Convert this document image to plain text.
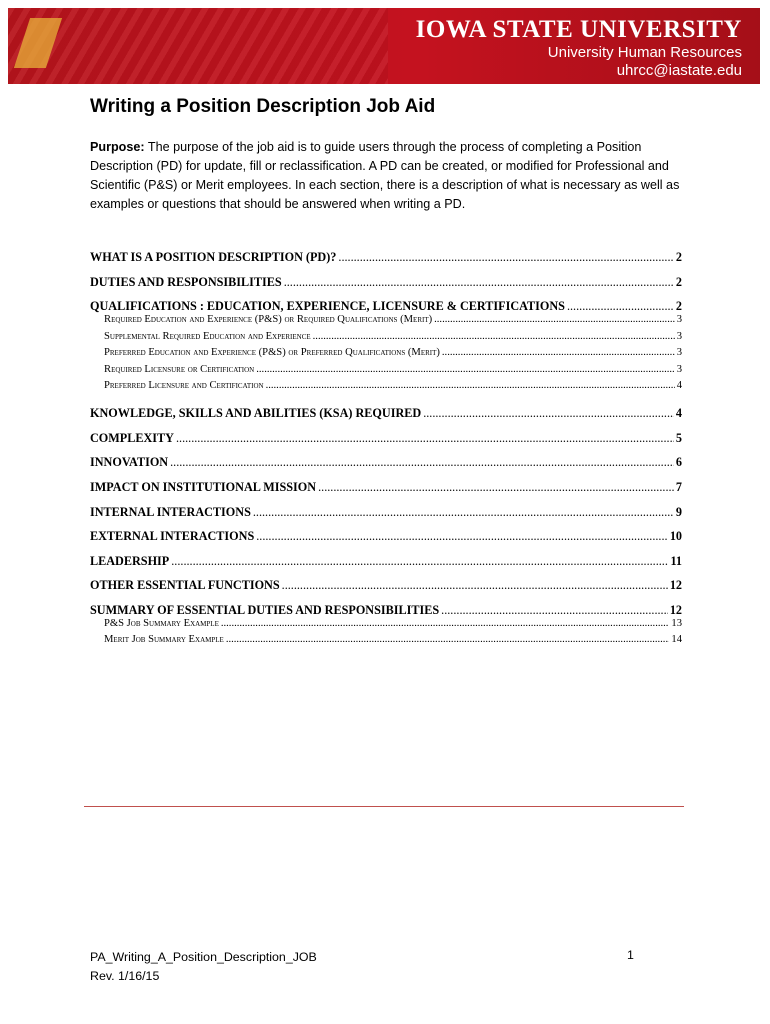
IOWA STATE UNIVERSITY
University Human Resources
uhrcc@iastate.edu
Writing a Position Description Job Aid
Purpose: The purpose of the job aid is to guide users through the process of completing a Position Description (PD) for update, fill or reclassification. A PD can be created, or modified for Professional and Scientific (P&S) or Merit employees. In each section, there is a description of what is necessary as well as examples or questions that should be answered when writing a PD.
WHAT IS A POSITION DESCRIPTION (PD)? .....	2
DUTIES AND RESPONSIBILITIES .....	2
QUALIFICATIONS : EDUCATION, EXPERIENCE, LICENSURE & CERTIFICATIONS .....	2
Required Education and Experience (P&S) or Required Qualifications (Merit) .....	3
Supplemental Required Education and Experience .....	3
Preferred Education and Experience (P&S) or Preferred Qualifications (Merit) .....	3
Required Licensure or Certification .....	3
Preferred Licensure and Certification .....	4
KNOWLEDGE, SKILLS AND ABILITIES (KSA) REQUIRED .....	4
COMPLEXITY .....	5
INNOVATION .....	6
IMPACT ON INSTITUTIONAL MISSION .....	7
INTERNAL INTERACTIONS .....	9
EXTERNAL INTERACTIONS .....	10
LEADERSHIP .....	11
OTHER ESSENTIAL FUNCTIONS .....	12
SUMMARY OF ESSENTIAL DUTIES AND RESPONSIBILITIES .....	12
P&S Job Summary Example .....	13
Merit Job Summary Example .....	14
PA_Writing_A_Position_Description_JOB
Rev. 1/16/15
1
